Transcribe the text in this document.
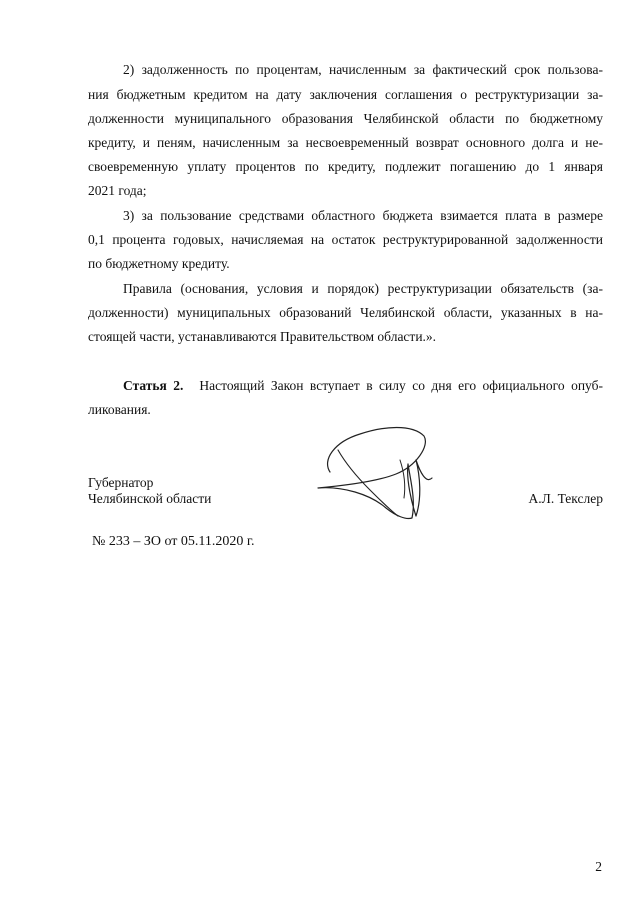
2) задолженность по процентам, начисленным за фактический срок пользова-
ния бюджетным кредитом на дату заключения соглашения о реструктуризации за-
долженности муниципального образования Челябинской области по бюджетному
кредиту, и пеням, начисленным за несвоевременный возврат основного долга и не-
своевременную уплату процентов по кредиту, подлежит погашению до 1 января
2021 года;
3) за пользование средствами областного бюджета взимается плата в размере
0,1 процента годовых, начисляемая на остаток реструктурированной задолженности
по бюджетному кредиту.
Правила (основания, условия и порядок) реструктуризации обязательств (за-
долженности) муниципальных образований Челябинской области, указанных в на-
стоящей части, устанавливаются Правительством области.».
Статья 2. Настоящий Закон вступает в силу со дня его официального опуб-
ликования.
Губернатор
Челябинской области	А.Л. Текслер
№ 233 – ЗО от 05.11.2020 г.
2
